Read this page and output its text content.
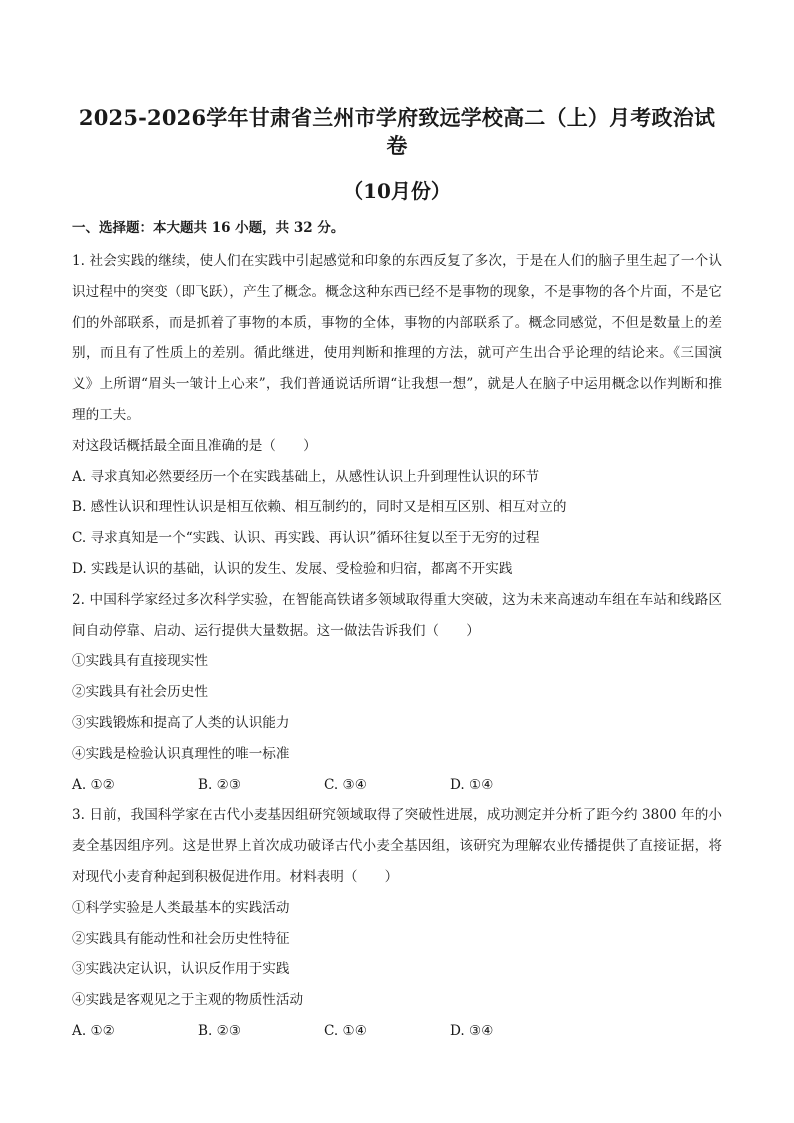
2025-2026学年甘肃省兰州市学府致远学校高二（上）月考政治试卷
（10月份）
一、选择题：本大题共 16 小题，共 32 分。

1. 社会实践的继续，使人们在实践中引起感觉和印象的东西反复了多次，于是在人们的脑子里生起了一个认识过程中的突变（即飞跃），产生了概念。概念这种东西已经不是事物的现象，不是事物的各个片面，不是它们的外部联系，而是抓着了事物的本质，事物的全体，事物的内部联系了。概念同感觉，不但是数量上的差别，而且有了性质上的差别。循此继进，使用判断和推理的方法，就可产生出合乎论理的结论来。《三国演义》上所谓“眉头一皱计上心来”，我们普通说话所谓“让我想一想”，就是人在脑子中运用概念以作判断和推理的工夫。

对这段话概括最全面且准确的是（　　）

A. 寻求真知必然要经历一个在实践基础上，从感性认识上升到理性认识的环节

B. 感性认识和理性认识是相互依赖、相互制约的，同时又是相互区别、相互对立的

C. 寻求真知是一个“实践、认识、再实践、再认识”循环往复以至于无穷的过程

D. 实践是认识的基础，认识的发生、发展、受检验和归宿，都离不开实践

2. 中国科学家经过多次科学实验，在智能高铁诸多领域取得重大突破，这为未来高速动车组在车站和线路区间自动停靠、启动、运行提供大量数据。这一做法告诉我们（　　）

①实践具有直接现实性

②实践具有社会历史性

③实践锻炼和提高了人类的认识能力

④实践是检验认识真理性的唯一标准

A. ①②	B. ②③	C. ③④	D. ①④

3. 日前，我国科学家在古代小麦基因组研究领域取得了突破性进展，成功测定并分析了距今约 3800 年的小麦全基因组序列。这是世界上首次成功破译古代小麦全基因组，该研究为理解农业传播提供了直接证据，将对现代小麦育种起到积极促进作用。材料表明（　　）

①科学实验是人类最基本的实践活动

②实践具有能动性和社会历史性特征

③实践决定认识，认识反作用于实践

④实践是客观见之于主观的物质性活动

A. ①②	B. ②③	C. ①④	D. ③④
